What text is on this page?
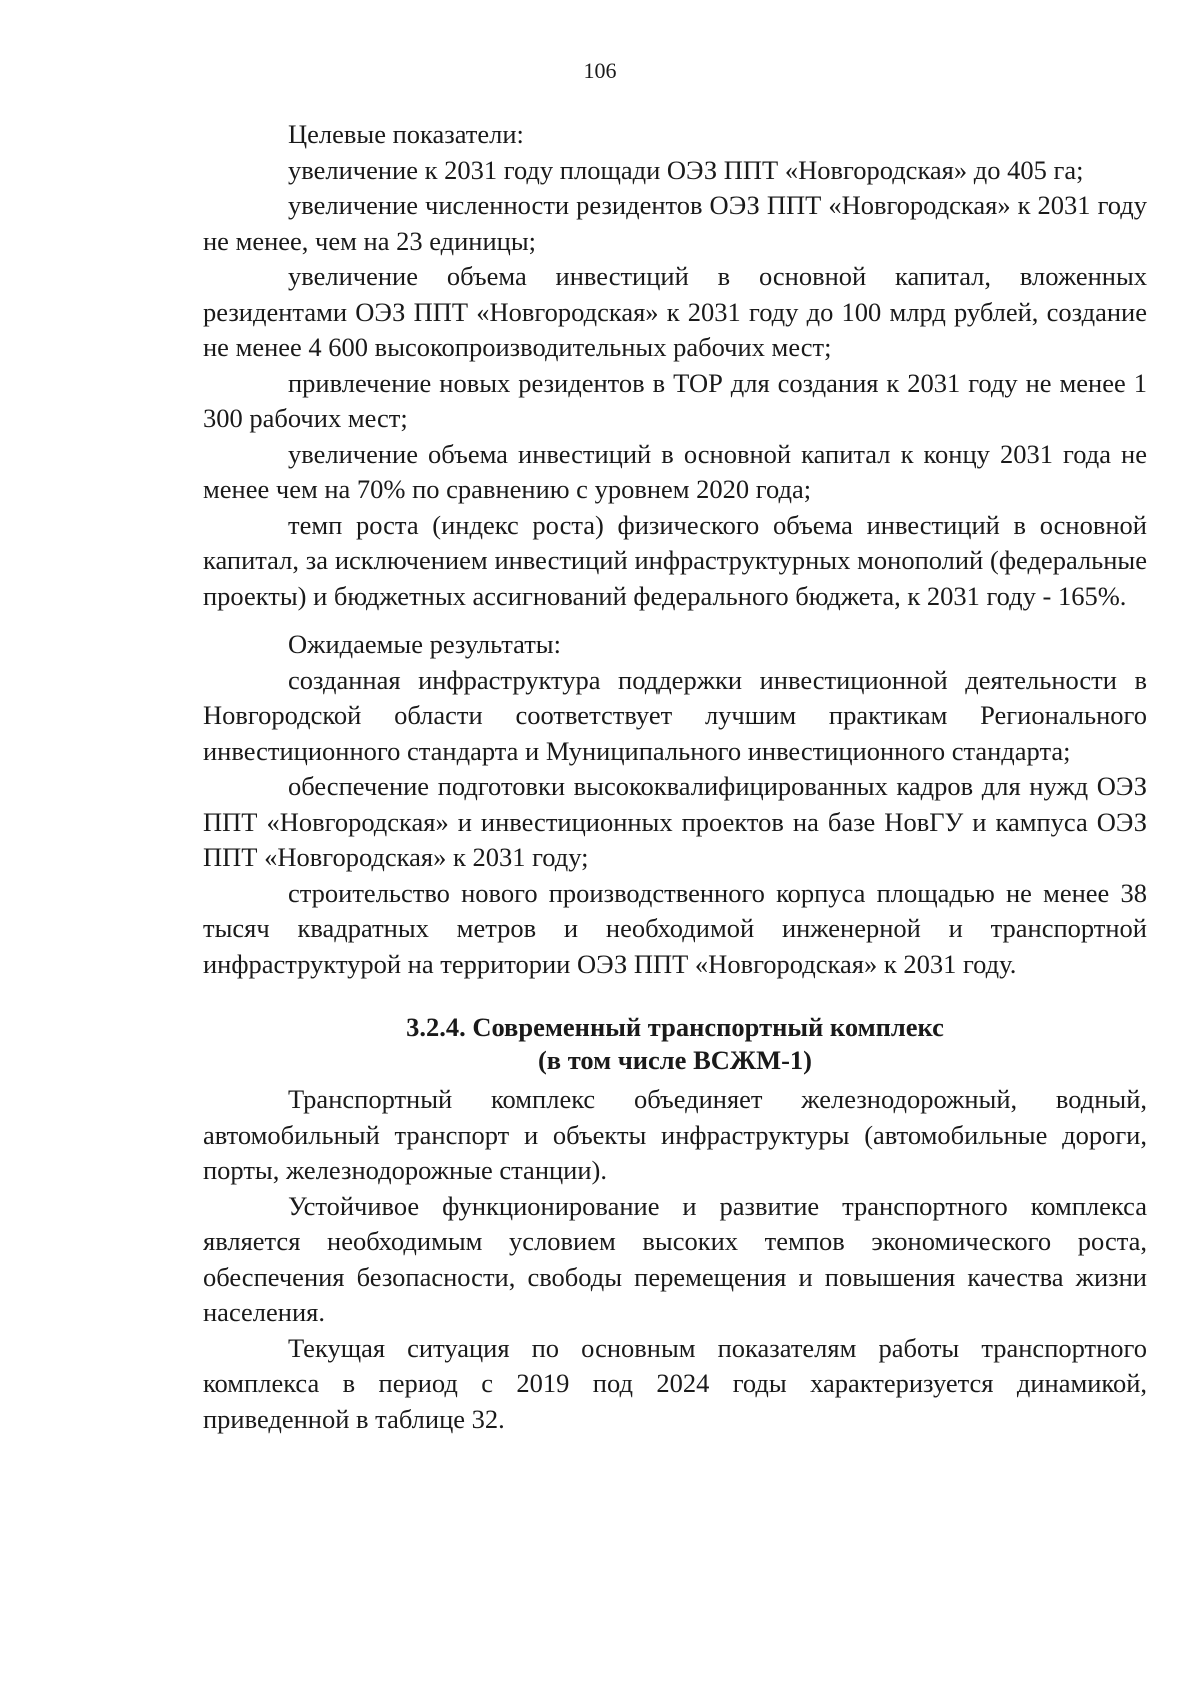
106

Целевые показатели:

увеличение к 2031 году площади ОЭЗ ППТ «Новгородская» до 405 га;

увеличение численности резидентов ОЭЗ ППТ «Новгородская» к 2031 году не менее, чем на 23 единицы;

увеличение объема инвестиций в основной капитал, вложенных резидентами ОЭЗ ППТ «Новгородская» к 2031 году до 100 млрд рублей, создание не менее 4 600 высокопроизводительных рабочих мест;

привлечение новых резидентов в ТОР для создания к 2031 году не менее 1 300 рабочих мест;

увеличение объема инвестиций в основной капитал к концу 2031 года не менее чем на 70% по сравнению с уровнем 2020 года;

темп роста (индекс роста) физического объема инвестиций в основной капитал, за исключением инвестиций инфраструктурных монополий (федеральные проекты) и бюджетных ассигнований федерального бюджета, к 2031 году - 165%.

Ожидаемые результаты:

созданная инфраструктура поддержки инвестиционной деятельности в Новгородской области соответствует лучшим практикам Регионального инвестиционного стандарта и Муниципального инвестиционного стандарта;

обеспечение подготовки высококвалифицированных кадров для нужд ОЭЗ ППТ «Новгородская» и инвестиционных проектов на базе НовГУ и кампуса ОЭЗ ППТ «Новгородская» к 2031 году;

строительство нового производственного корпуса площадью не менее 38 тысяч квадратных метров и необходимой инженерной и транспортной инфраструктурой на территории ОЭЗ ППТ «Новгородская» к 2031 году.

3.2.4. Современный транспортный комплекс

(в том числе ВСЖМ-1)

Транспортный комплекс объединяет железнодорожный, водный, автомобильный транспорт и объекты инфраструктуры (автомобильные дороги, порты, железнодорожные станции).

Устойчивое функционирование и развитие транспортного комплекса является необходимым условием высоких темпов экономического роста, обеспечения безопасности, свободы перемещения и повышения качества жизни населения.

Текущая ситуация по основным показателям работы транспортного комплекса в период с 2019 под 2024 годы характеризуется динамикой, приведенной в таблице 32.
